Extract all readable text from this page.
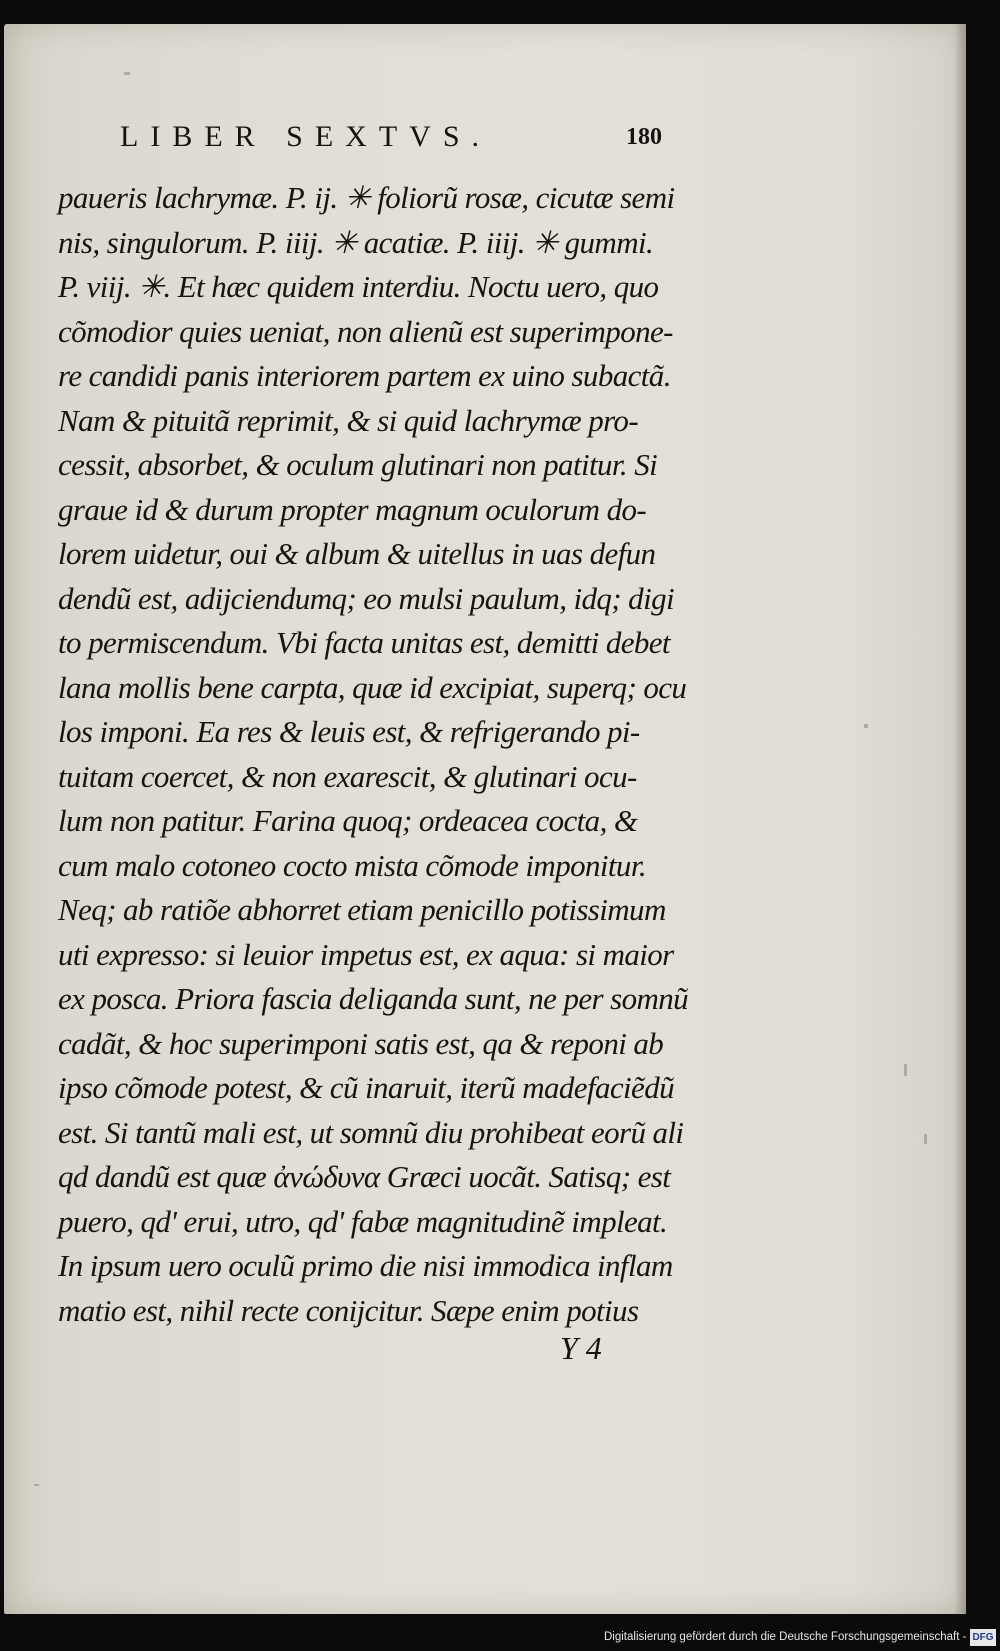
LIBER SEXTVS.	180
paueris lachrymæ. P. ij. ✳ foliorũ rosæ, cicutæ semi
nis, singulorum. P. iiij. ✳ acatiæ. P. iiij. ✳ gummi.
P. viij. ✳. Et hæc quidem interdiu. Noctu uero, quo
cõmodior quies ueniat, non alienũ est superimpone-
re candidi panis interiorem partem ex uino subactã.
Nam & pituitã reprimit, & si quid lachrymæ pro-
cessit, absorbet, & oculum glutinari non patitur. Si
graue id & durum propter magnum oculorum do-
lorem uidetur, oui & album & uitellus in uas defun
dendũ est, adijciendumq; eo mulsi paulum, idq; digi
to permiscendum. Vbi facta unitas est, demitti debet
lana mollis bene carpta, quæ id excipiat, superq; ocu
los imponi. Ea res & leuis est, & refrigerando pi-
tuitam coercet, & non exarescit, & glutinari ocu-
lum non patitur. Farina quoq; ordeacea cocta, &
cum malo cotoneo cocto mista cõmode imponitur.
Neq; ab ratiõe abhorret etiam penicillo potissimum
uti expresso: si leuior impetus est, ex aqua: si maior
ex posca. Priora fascia deliganda sunt, ne per somnũ
cadãt, & hoc superimponi satis est, qa & reponi ab
ipso cõmode potest, & cũ inaruit, iterũ madefaciẽdũ
est. Si tantũ mali est, ut somnũ diu prohibeat eorũ ali
qd dandũ est quæ ἀνώδυνα Græci uocãt. Satisq; est
puero, qd' erui, utro, qd' fabæ magnitudinẽ impleat.
In ipsum uero oculũ primo die nisi immodica inflam
matio est, nihil recte conijcitur. Sæpe enim potius
Y 4
Digitalisierung gefördert durch die Deutsche Forschungsgemeinschaft - DFG
